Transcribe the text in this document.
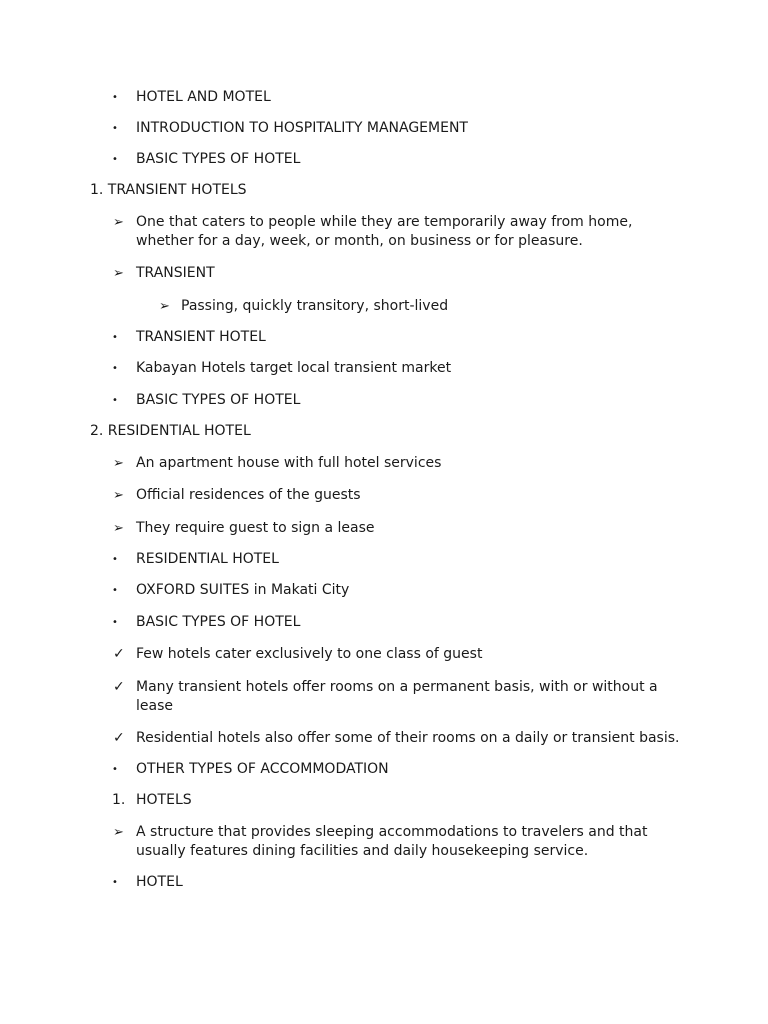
• HOTEL AND MOTEL
• INTRODUCTION TO HOSPITALITY MANAGEMENT
• BASIC TYPES OF HOTEL
1. TRANSIENT HOTELS
➢ One that caters to people while they are temporarily away from home, whether for a day, week, or month, on business or for pleasure.
➢ TRANSIENT
➢ Passing, quickly transitory, short-lived
• TRANSIENT HOTEL
• Kabayan Hotels target local transient market
• BASIC TYPES OF HOTEL
2. RESIDENTIAL HOTEL
➢ An apartment house with full hotel services
➢ Official residences of the guests
➢ They require guest to sign a lease
• RESIDENTIAL HOTEL
• OXFORD SUITES in Makati City
• BASIC TYPES OF HOTEL
✓ Few hotels cater exclusively to one class of guest
✓ Many transient hotels offer rooms on a permanent basis, with or without a lease
✓ Residential hotels also offer some of their rooms on a daily or transient basis.
• OTHER TYPES OF ACCOMMODATION
1. HOTELS
➢ A structure that provides sleeping accommodations to travelers and that usually features dining facilities and daily housekeeping service.
• HOTEL
